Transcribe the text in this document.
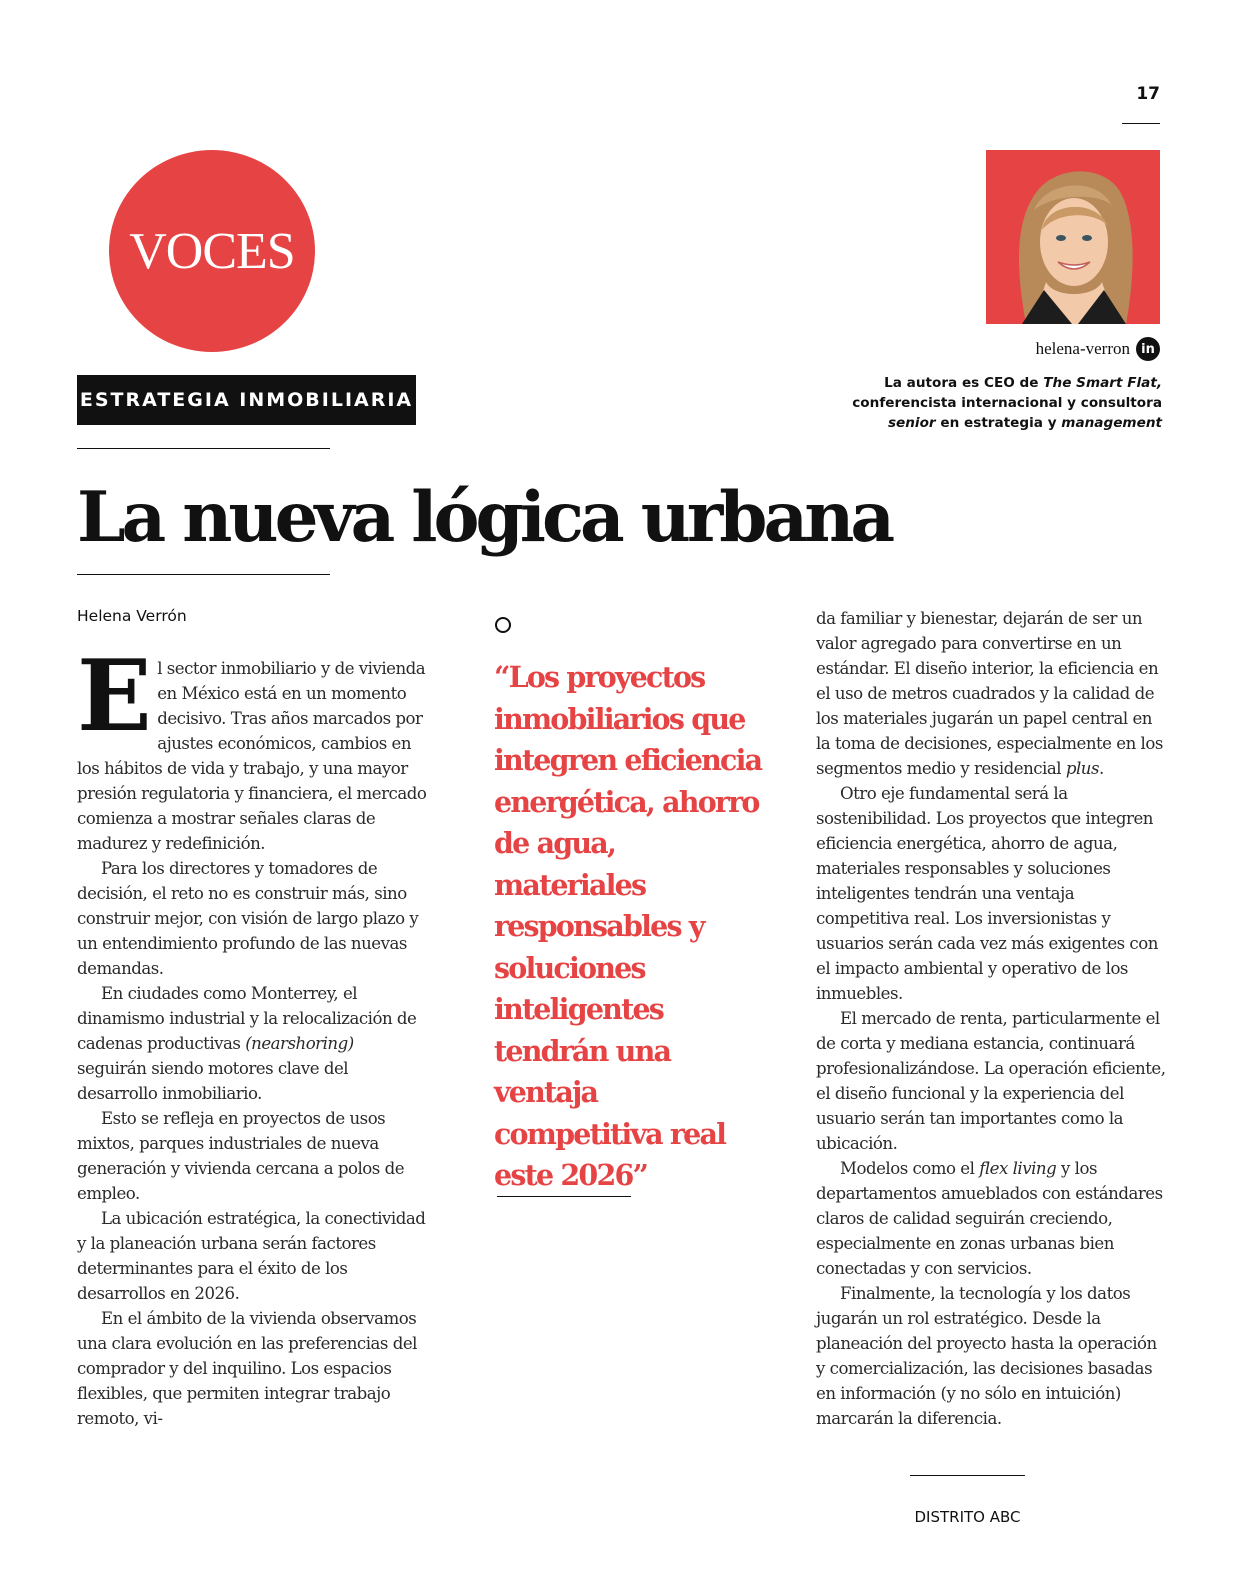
17
VOCES
ESTRATEGIA INMOBILIARIA
La nueva lógica urbana
helena-verron in
La autora es CEO de The Smart Flat,
conferencista internacional y consultora
senior en estrategia y management
Helena Verrón

El sector inmobiliario y de vivienda en México está en un momento decisivo. Tras años marcados por ajustes económicos, cambios en los hábitos de vida y trabajo, y una mayor presión regulatoria y financiera, el mercado comienza a mostrar señales claras de madurez y redefinición.

Para los directores y tomadores de decisión, el reto no es construir más, sino construir mejor, con visión de largo plazo y un entendimiento profundo de las nuevas demandas.

En ciudades como Monterrey, el dinamismo industrial y la relocalización de cadenas productivas (nearshoring) seguirán siendo motores clave del desarrollo inmobiliario.

Esto se refleja en proyectos de usos mixtos, parques industriales de nueva generación y vivienda cercana a polos de empleo.

La ubicación estratégica, la conectividad y la planeación urbana serán factores determinantes para el éxito de los desarrollos en 2026.

En el ámbito de la vivienda observamos una clara evolución en las preferencias del comprador y del inquilino. Los espacios flexibles, que permiten integrar trabajo remoto, vi-

“Los proyectos inmobiliarios que integren eficiencia energética, ahorro de agua, materiales responsables y soluciones inteligentes tendrán una ventaja competitiva real este 2026”

da familiar y bienestar, dejarán de ser un valor agregado para convertirse en un estándar. El diseño interior, la eficiencia en el uso de metros cuadrados y la calidad de los materiales jugarán un papel central en la toma de decisiones, especialmente en los segmentos medio y residencial plus.

Otro eje fundamental será la sostenibilidad. Los proyectos que integren eficiencia energética, ahorro de agua, materiales responsables y soluciones inteligentes tendrán una ventaja competitiva real. Los inversionistas y usuarios serán cada vez más exigentes con el impacto ambiental y operativo de los inmuebles.

El mercado de renta, particularmente el de corta y mediana estancia, continuará profesionalizándose. La operación eficiente, el diseño funcional y la experiencia del usuario serán tan importantes como la ubicación.

Modelos como el flex living y los departamentos amueblados con estándares claros de calidad seguirán creciendo, especialmente en zonas urbanas bien conectadas y con servicios.

Finalmente, la tecnología y los datos jugarán un rol estratégico. Desde la planeación del proyecto hasta la operación y comercialización, las decisiones basadas en información (y no sólo en intuición) marcarán la diferencia.

DISTRITO ABC
